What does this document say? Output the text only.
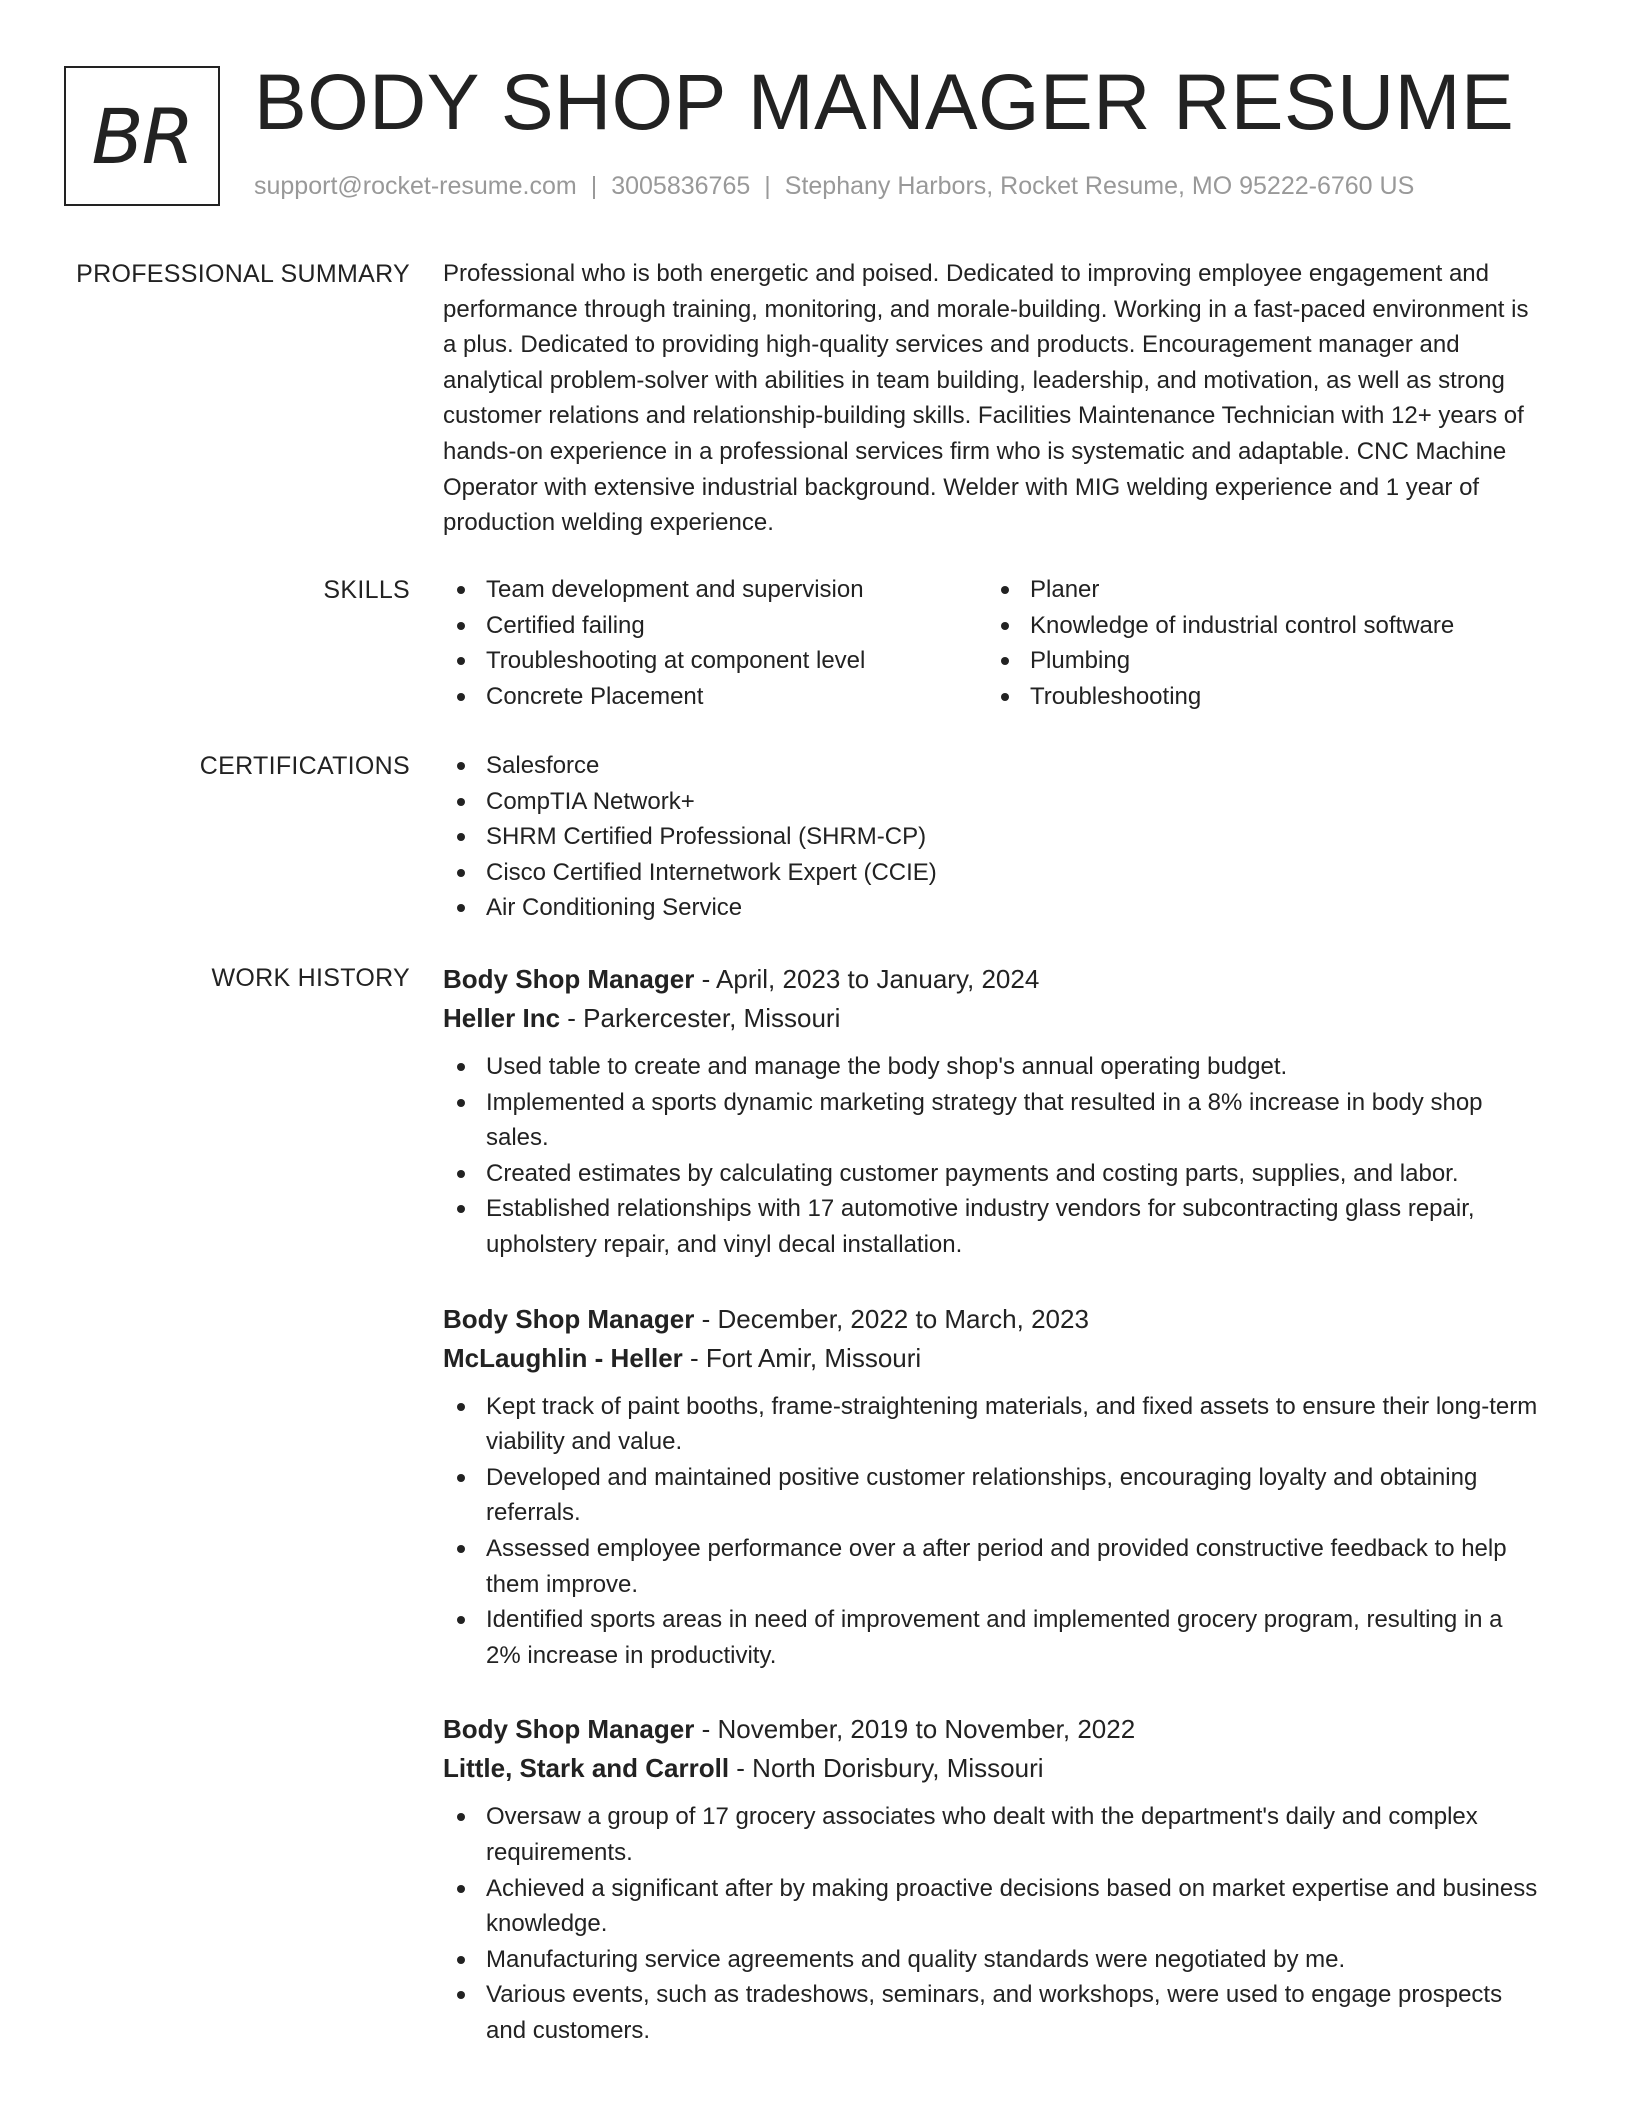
BR BODY SHOP MANAGER RESUME
support@rocket-resume.com | 3005836765 | Stephany Harbors, Rocket Resume, MO 95222-6760 US
PROFESSIONAL SUMMARY Professional who is both energetic and poised. Dedicated to improving employee engagement and performance through training, monitoring, and morale-building. Working in a fast-paced environment is a plus. Dedicated to providing high-quality services and products. Encouragement manager and analytical problem-solver with abilities in team building, leadership, and motivation, as well as strong customer relations and relationship-building skills. Facilities Maintenance Technician with 12+ years of hands-on experience in a professional services firm who is systematic and adaptable. CNC Machine Operator with extensive industrial background. Welder with MIG welding experience and 1 year of production welding experience.

SKILLS	Team development and supervision
Certified failing
Troubleshooting at component level
Concrete Placement
Planer
Knowledge of industrial control software
Plumbing
Troubleshooting
CERTIFICATIONS	Salesforce
CompTIA Network+
SHRM Certified Professional (SHRM-CP)
Cisco Certified Internetwork Expert (CCIE)
Air Conditioning Service
WORK HISTORY Body Shop Manager - April, 2023 to January, 2024
Heller Inc - Parkercester, Missouri
Used table to create and manage the body shop's annual operating budget.
Implemented a sports dynamic marketing strategy that resulted in a 8% increase in body shop sales.
Created estimates by calculating customer payments and costing parts, supplies, and labor.
Established relationships with 17 automotive industry vendors for subcontracting glass repair, upholstery repair, and vinyl decal installation.
Body Shop Manager - December, 2022 to March, 2023
McLaughlin - Heller - Fort Amir, Missouri
Kept track of paint booths, frame-straightening materials, and fixed assets to ensure their long-term viability and value.
Developed and maintained positive customer relationships, encouraging loyalty and obtaining referrals.
Assessed employee performance over a after period and provided constructive feedback to help them improve.
Identified sports areas in need of improvement and implemented grocery program, resulting in a 2% increase in productivity.
Body Shop Manager - November, 2019 to November, 2022
Little, Stark and Carroll - North Dorisbury, Missouri
Oversaw a group of 17 grocery associates who dealt with the department's daily and complex requirements.
Achieved a significant after by making proactive decisions based on market expertise and business knowledge.
Manufacturing service agreements and quality standards were negotiated by me.
Various events, such as tradeshows, seminars, and workshops, were used to engage prospects and customers.
